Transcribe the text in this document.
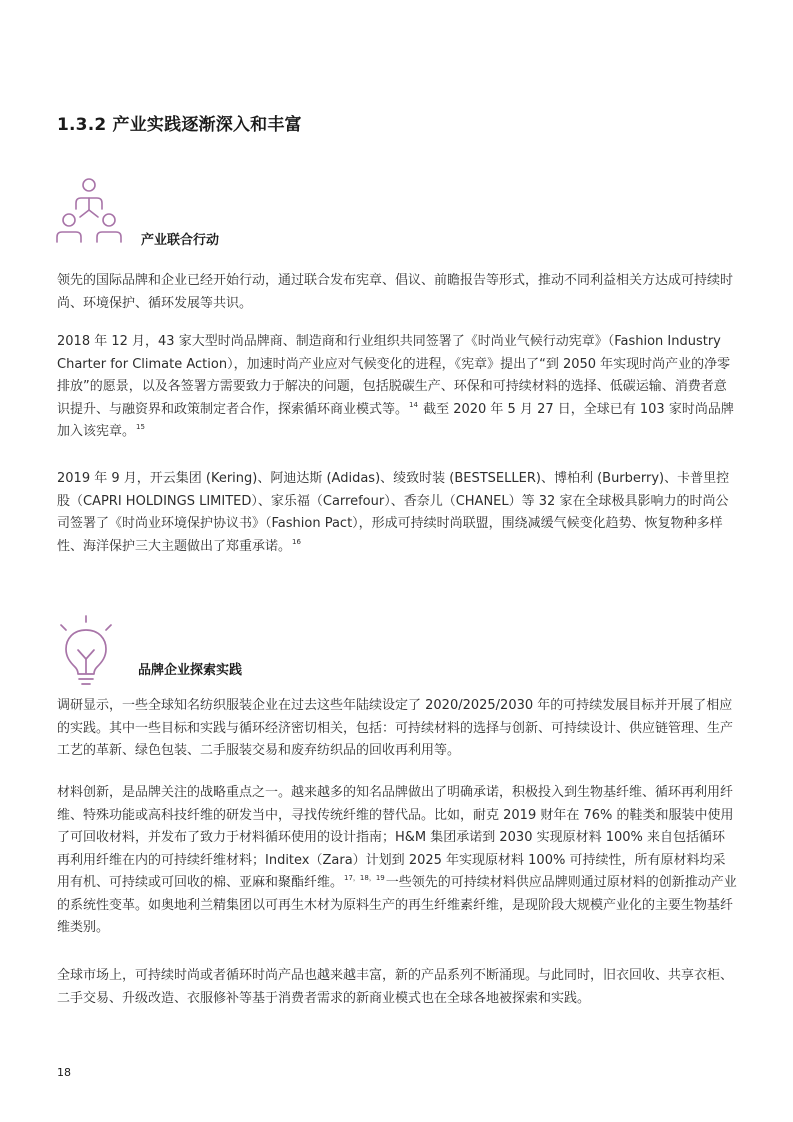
1.3.2 产业实践逐渐深入和丰富
产业联合行动
领先的国际品牌和企业已经开始行动，通过联合发布宪章、倡议、前瞻报告等形式，推动不同利益相关方达成可持续时尚、环境保护、循环发展等共识。
2018 年 12 月，43 家大型时尚品牌商、制造商和行业组织共同签署了《时尚业气候行动宪章》（Fashion Industry Charter for Climate Action），加速时尚产业应对气候变化的进程，《宪章》提出了“到 2050 年实现时尚产业的净零排放”的愿景，以及各签署方需要致力于解决的问题，包括脱碳生产、环保和可持续材料的选择、低碳运输、消费者意识提升、与融资界和政策制定者合作，探索循环商业模式等。$^{14}$ 截至 2020 年 5 月 27 日，全球已有 103 家时尚品牌加入该宪章。$^{15}$
2019 年 9 月，开云集团 (Kering)、阿迪达斯 (Adidas)、绫致时装 (BESTSELLER)、博柏利 (Burberry)、卡普里控股（CAPRI HOLDINGS LIMITED）、家乐福（Carrefour）、香奈儿（CHANEL）等 32 家在全球极具影响力的时尚公司签署了《时尚业环境保护协议书》（Fashion Pact），形成可持续时尚联盟，围绕减缓气候变化趋势、恢复物种多样性、海洋保护三大主题做出了郑重承诺。$^{16}$
品牌企业探索实践
调研显示，一些全球知名纺织服装企业在过去这些年陆续设定了 2020/2025/2030 年的可持续发展目标并开展了相应的实践。其中一些目标和实践与循环经济密切相关，包括：可持续材料的选择与创新、可持续设计、供应链管理、生产工艺的革新、绿色包装、二手服装交易和废弃纺织品的回收再利用等。
材料创新，是品牌关注的战略重点之一。越来越多的知名品牌做出了明确承诺，积极投入到生物基纤维、循环再利用纤维、特殊功能或高科技纤维的研发当中，寻找传统纤维的替代品。比如，耐克 2019 财年在 76% 的鞋类和服装中使用了可回收材料，并发布了致力于材料循环使用的设计指南；H&M 集团承诺到 2030 实现原材料 100% 来自包括循环再利用纤维在内的可持续纤维材料；Inditex（Zara）计划到 2025 年实现原材料 100% 可持续性，所有原材料均采用有机、可持续或可回收的棉、亚麻和聚酯纤维。$^{17,18,19}$一些领先的可持续材料供应品牌则通过原材料的创新推动产业的系统性变革。如奥地利兰精集团以可再生木材为原料生产的再生纤维素纤维，是现阶段大规模产业化的主要生物基纤维类别。
全球市场上，可持续时尚或者循环时尚产品也越来越丰富，新的产品系列不断涌现。与此同时，旧衣回收、共享衣柜、二手交易、升级改造、衣服修补等基于消费者需求的新商业模式也在全球各地被探索和实践。
18
